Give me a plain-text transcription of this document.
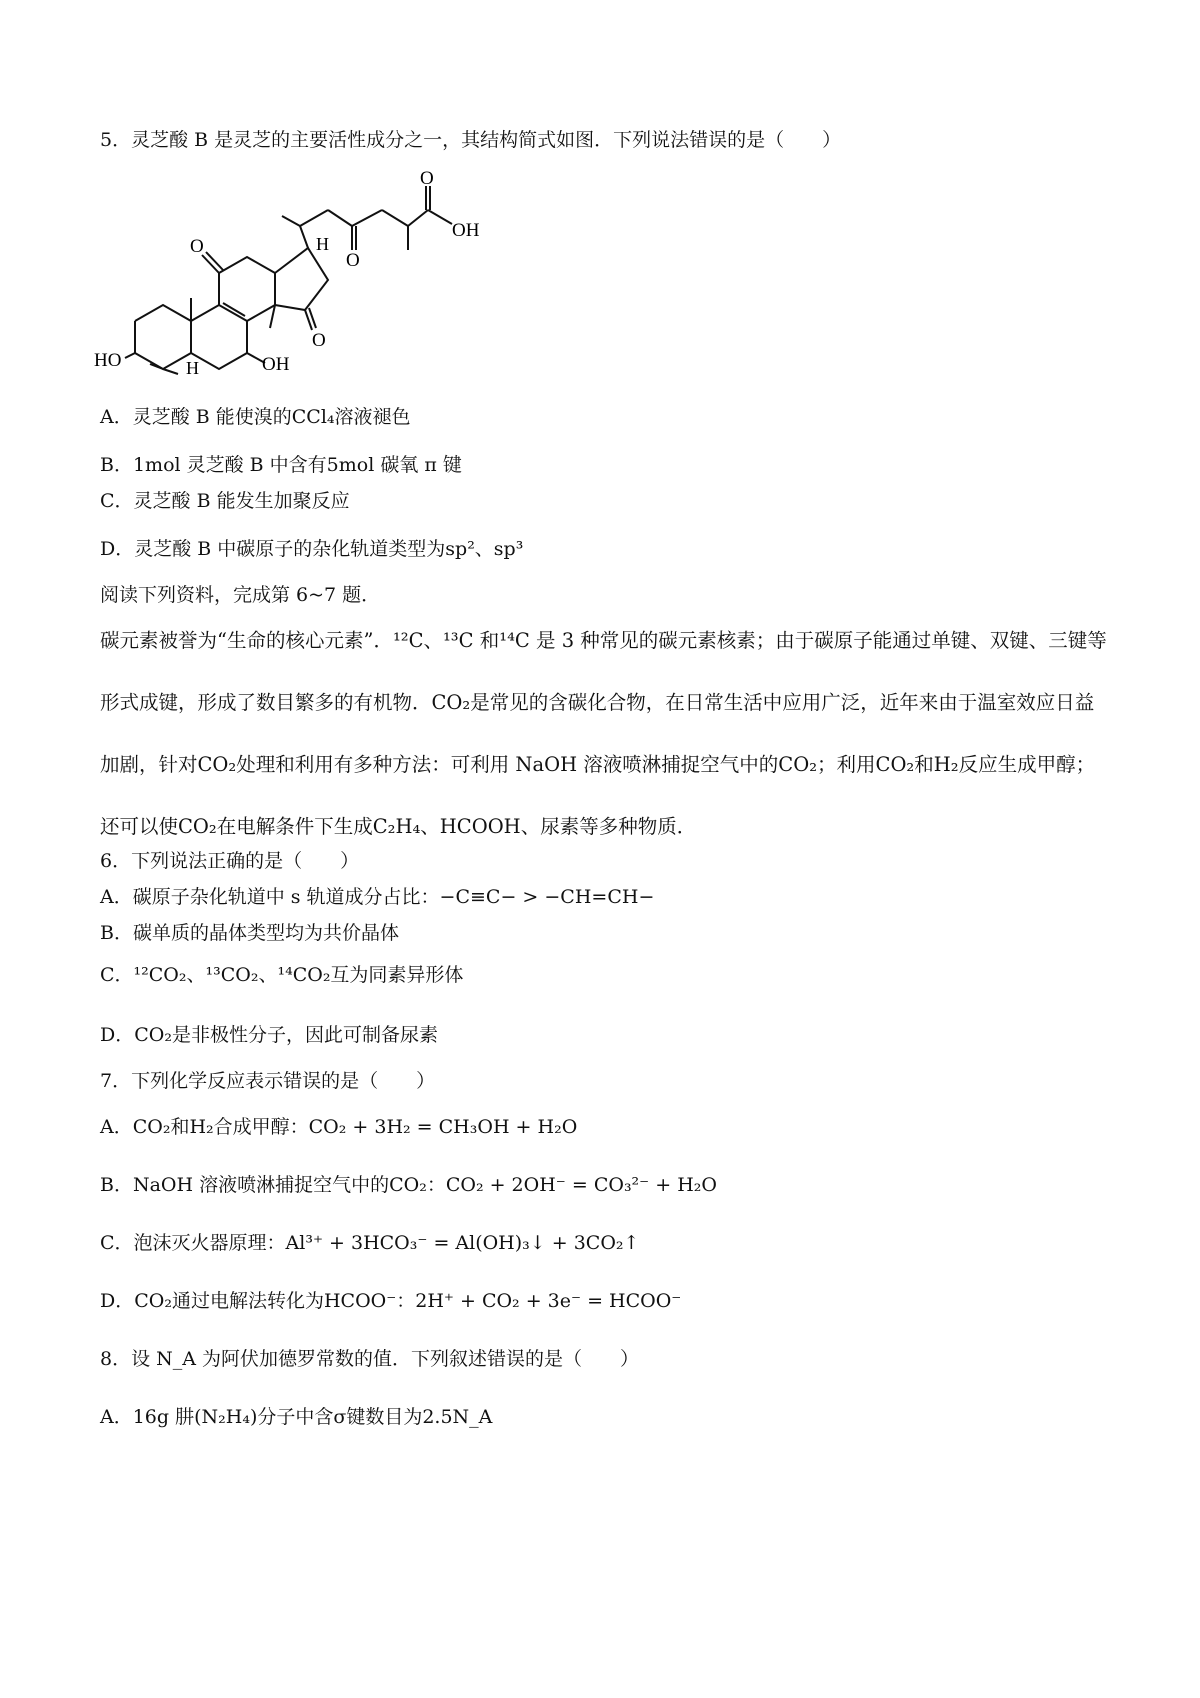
5．灵芝酸 B 是灵芝的主要活性成分之一，其结构简式如图．下列说法错误的是（　　）
O
OH
O
O
O
H
H
HO	OH
A．灵芝酸 B 能使溴的CCl₄溶液褪色
B．1mol 灵芝酸 B 中含有5mol 碳氧 π 键
C．灵芝酸 B 能发生加聚反应
D．灵芝酸 B 中碳原子的杂化轨道类型为sp²、sp³
阅读下列资料，完成第 6~7 题．
碳元素被誉为“生命的核心元素”．¹²C、¹³C 和¹⁴C 是 3 种常见的碳元素核素；由于碳原子能通过单键、双键、三键等形式成键，形成了数目繁多的有机物．CO₂是常见的含碳化合物，在日常生活中应用广泛，近年来由于温室效应日益加剧，针对CO₂处理和利用有多种方法：可利用 NaOH 溶液喷淋捕捉空气中的CO₂；利用CO₂和H₂反应生成甲醇；还可以使CO₂在电解条件下生成C₂H₄、HCOOH、尿素等多种物质．
6．下列说法正确的是（　　）
A．碳原子杂化轨道中 s 轨道成分占比：−C≡C− > −CH=CH−
B．碳单质的晶体类型均为共价晶体
C．¹²CO₂、¹³CO₂、¹⁴CO₂互为同素异形体
D．CO₂是非极性分子，因此可制备尿素
7．下列化学反应表示错误的是（　　）
A．CO₂和H₂合成甲醇：CO₂ + 3H₂ = CH₃OH + H₂O
B．NaOH 溶液喷淋捕捉空气中的CO₂：CO₂ + 2OH⁻ = CO₃²⁻ + H₂O
C．泡沫灭火器原理：Al³⁺ + 3HCO₃⁻ = Al(OH)₃↓ + 3CO₂↑
D．CO₂通过电解法转化为HCOO⁻：2H⁺ + CO₂ + 3e⁻ = HCOO⁻
8．设 N_A 为阿伏加德罗常数的值．下列叙述错误的是（　　）
A．16g 肼(N₂H₄)分子中含σ键数目为2.5N_A
